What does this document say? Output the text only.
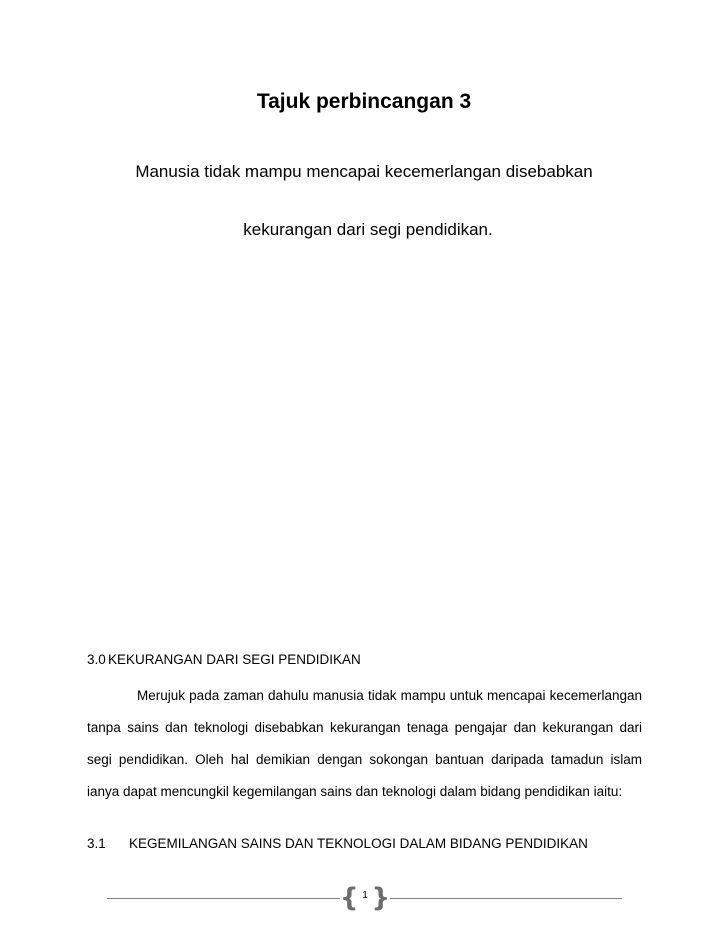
Tajuk perbincangan 3
Manusia tidak mampu mencapai kecemerlangan disebabkan
kekurangan dari segi pendidikan.
3.0 KEKURANGAN DARI SEGI PENDIDIKAN
Merujuk pada zaman dahulu manusia tidak mampu untuk mencapai kecemerlangan tanpa sains dan teknologi disebabkan kekurangan tenaga pengajar dan kekurangan dari segi pendidikan. Oleh hal demikian dengan sokongan bantuan daripada tamadun islam ianya dapat mencungkil kegemilangan sains dan teknologi dalam bidang pendidikan iaitu:
3.1 KEGEMILANGAN SAINS DAN TEKNOLOGI DALAM BIDANG PENDIDIKAN
{ 1 }
